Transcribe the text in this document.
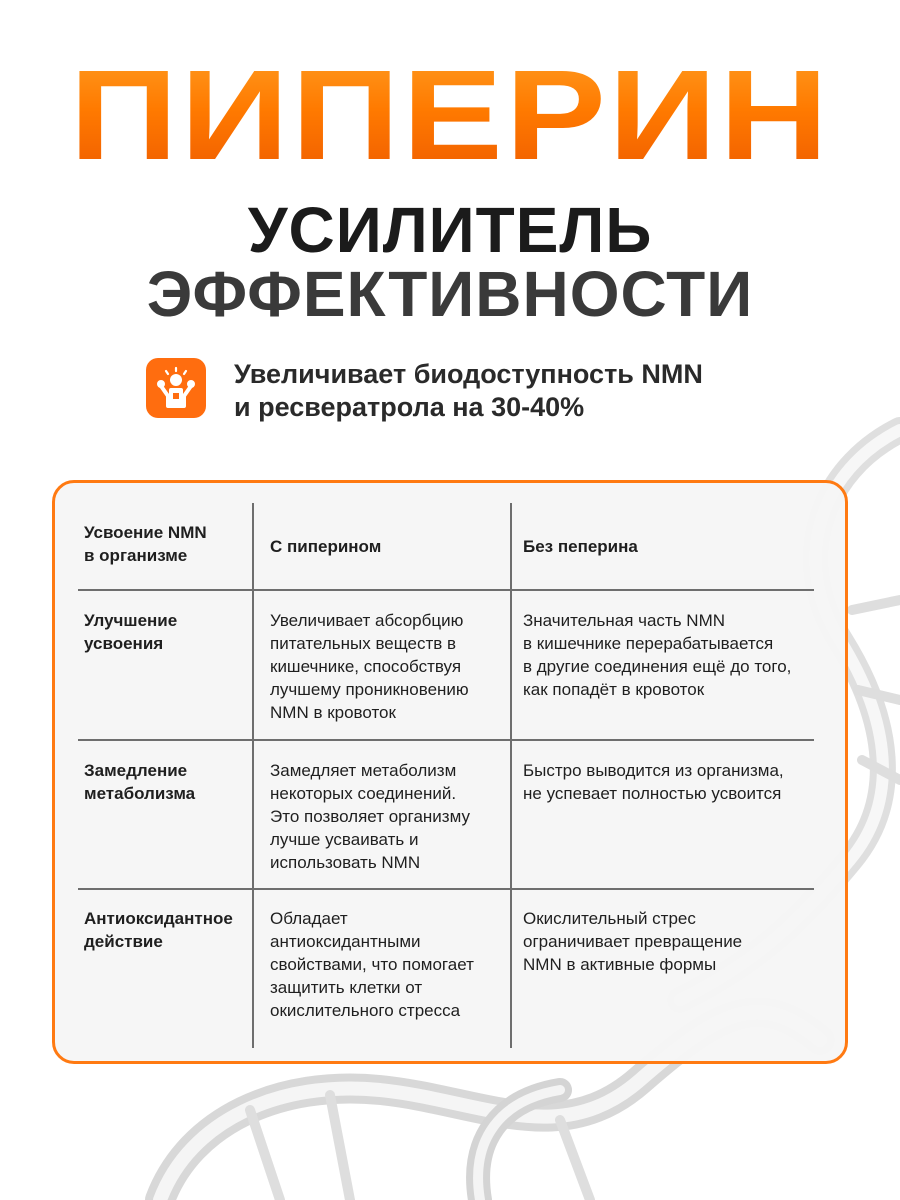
ПИПЕРИН
УСИЛИТЕЛЬ
ЭФФЕКТИВНОСТИ
Увеличивает биодоступность NMN
и ресвератрола на 30-40%
Усвоение NMN
в организме	С пиперином	Без пеперина
Улучшение
усвоения
Увеличивает абсорбцию
питательных веществ в
кишечнике, способствуя
лучшему проникновению
NMN в кровоток
Значительная часть NMN
в кишечнике перерабатывается
в другие соединения ещё до того,
как попадёт в кровоток
Замедление
метаболизма
Замедляет метаболизм
некоторых соединений.
Это позволяет организму
лучше усваивать и
использовать NMN
Быстро выводится из организма,
не успевает полностью усвоится
Антиоксидантное
действие
Обладает
антиоксидантными
свойствами, что помогает
защитить клетки от
окислительного стресса
Окислительный стрес
ограничивает превращение
NMN в активные формы
